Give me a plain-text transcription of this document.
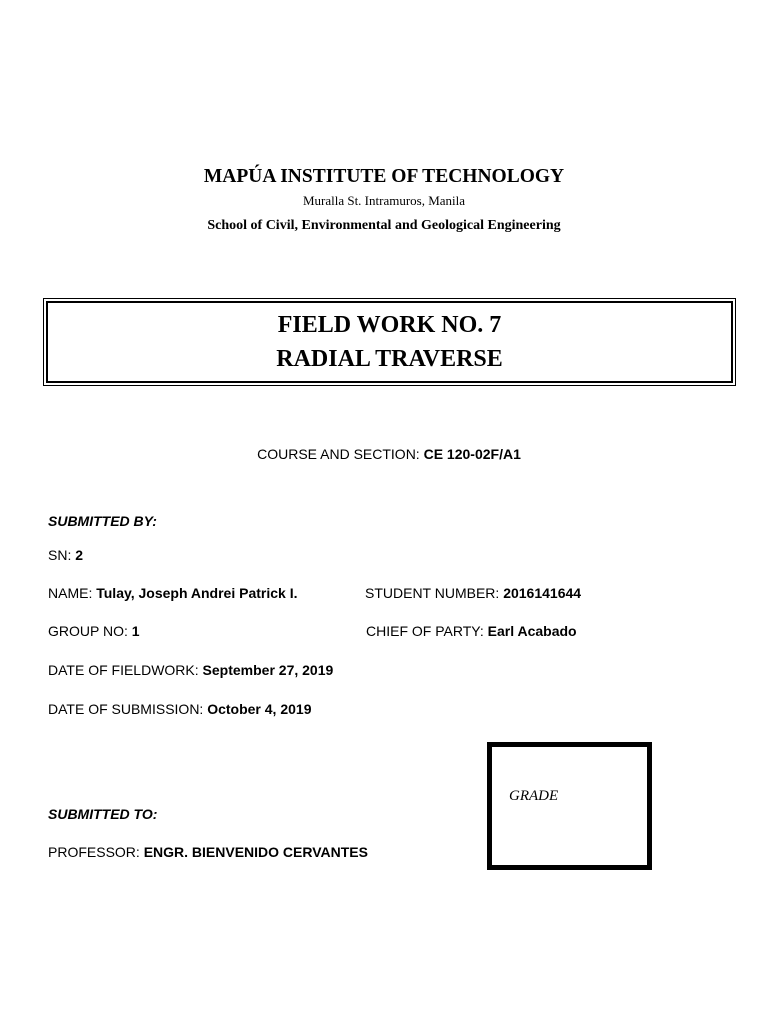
MAPÚA INSTITUTE OF TECHNOLOGY
Muralla St. Intramuros, Manila
School of Civil, Environmental and Geological Engineering
FIELD WORK NO. 7
RADIAL TRAVERSE
COURSE AND SECTION: CE 120-02F/A1
SUBMITTED BY:
SN: 2
NAME: Tulay, Joseph Andrei Patrick I.	STUDENT NUMBER: 2016141644
GROUP NO: 1	CHIEF OF PARTY: Earl Acabado
DATE OF FIELDWORK: September 27, 2019
DATE OF SUBMISSION: October 4, 2019
GRADE
SUBMITTED TO:
PROFESSOR: ENGR. BIENVENIDO CERVANTES
